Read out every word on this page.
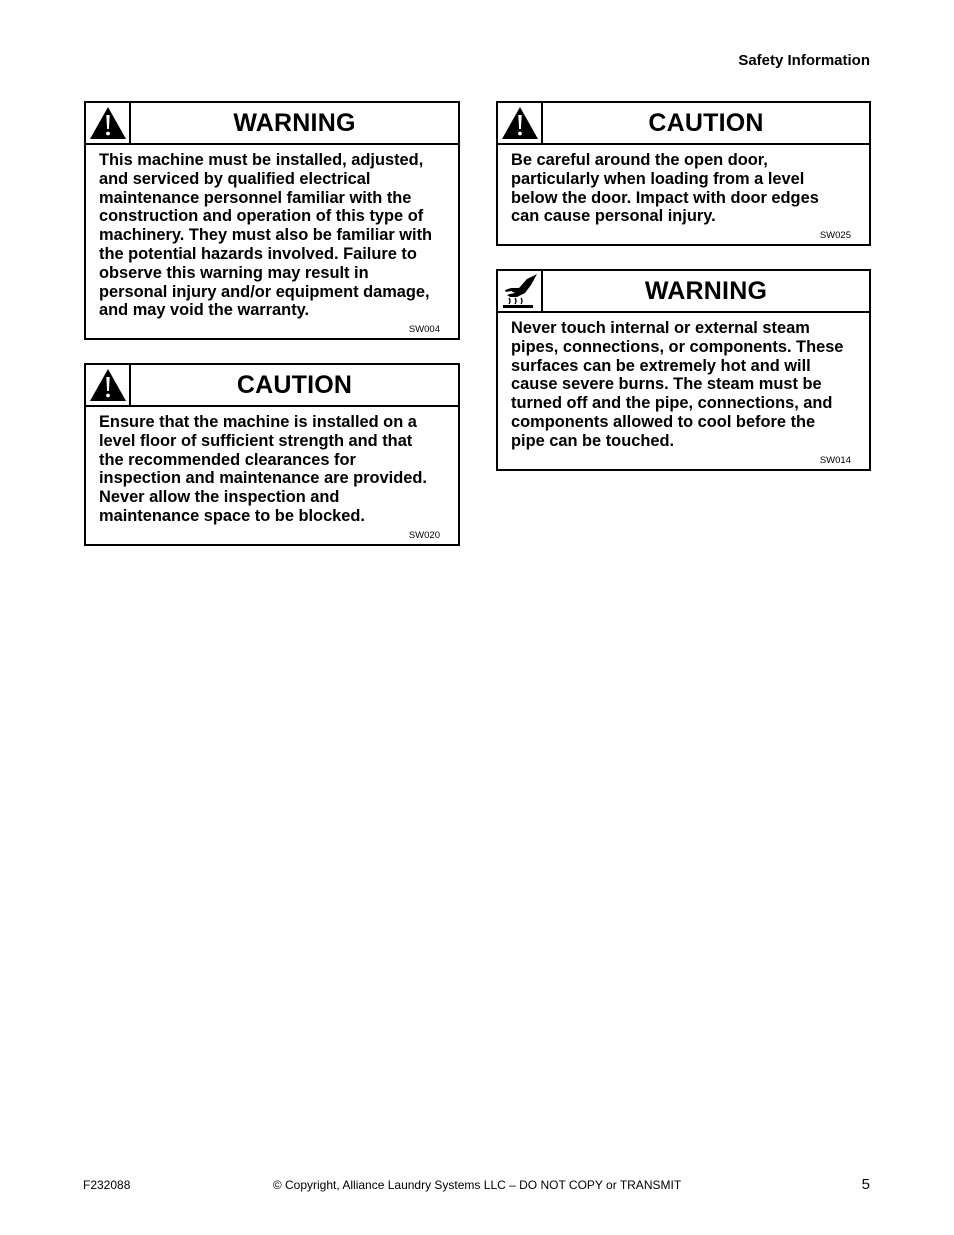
Safety Information
WARNING
This machine must be installed, adjusted, and serviced by qualified electrical maintenance personnel familiar with the construction and operation of this type of machinery. They must also be familiar with the potential hazards involved. Failure to observe this warning may result in personal injury and/or equipment damage, and may void the warranty.
SW004
CAUTION
Ensure that the machine is installed on a level floor of sufficient strength and that the recommended clearances for inspection and maintenance are provided. Never allow the inspection and maintenance space to be blocked.
SW020
CAUTION
Be careful around the open door, particularly when loading from a level below the door. Impact with door edges can cause personal injury.
SW025
WARNING
Never touch internal or external steam pipes, connections, or components. These surfaces can be extremely hot and will cause severe burns. The steam must be turned off and the pipe, connections, and components allowed to cool before the pipe can be touched.
SW014
© Copyright, Alliance Laundry Systems LLC – DO NOT COPY or TRANSMIT
F232088	5
